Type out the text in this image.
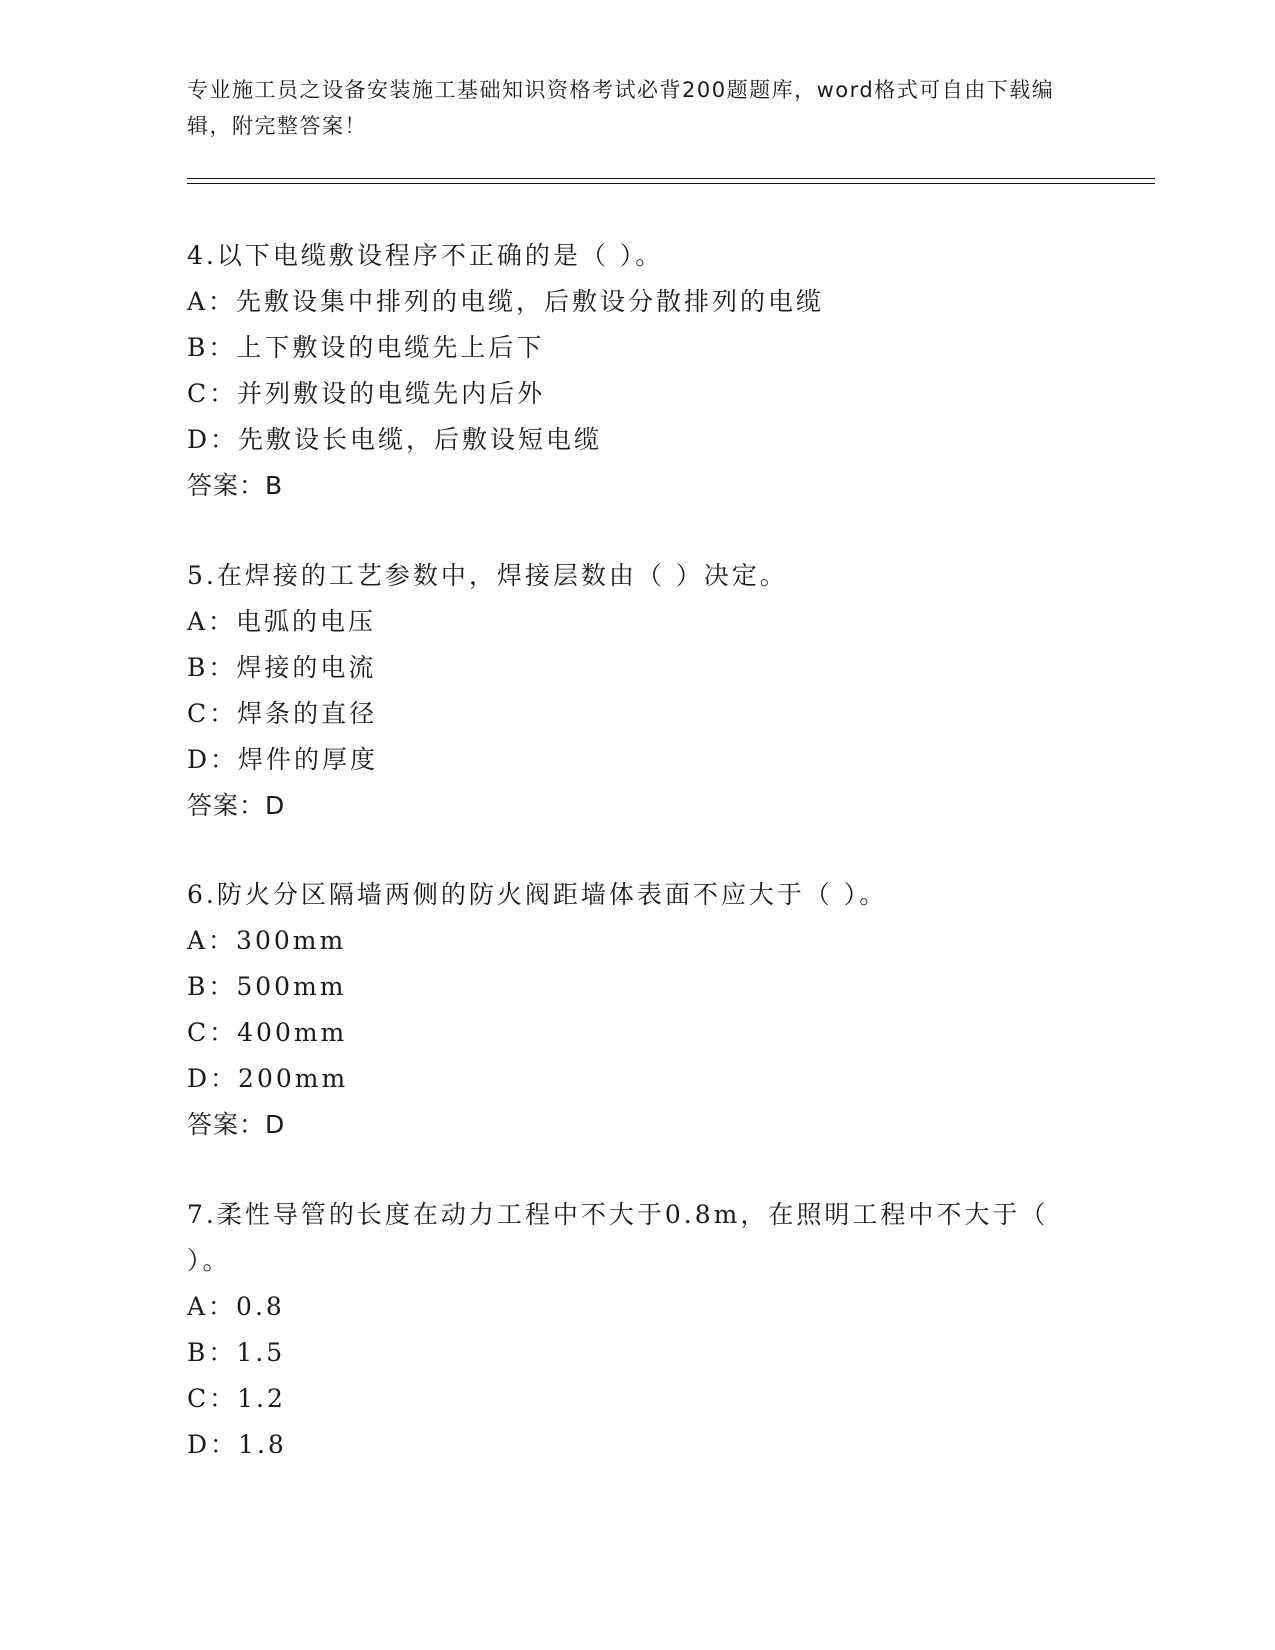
专业施工员之设备安装施工基础知识资格考试必背200题题库，word格式可自由下载编辑，附完整答案！
4.以下电缆敷设程序不正确的是（ ）。
A：先敷设集中排列的电缆，后敷设分散排列的电缆
B：上下敷设的电缆先上后下
C：并列敷设的电缆先内后外
D：先敷设长电缆，后敷设短电缆
答案：B
5.在焊接的工艺参数中，焊接层数由（ ）决定。
A：电弧的电压
B：焊接的电流
C：焊条的直径
D：焊件的厚度
答案：D
6.防火分区隔墙两侧的防火阀距墙体表面不应大于（ ）。
A：300mm
B：500mm
C：400mm
D：200mm
答案：D
7.柔性导管的长度在动力工程中不大于0.8m，在照明工程中不大于（ ）。
A：0.8
B：1.5
C：1.2
D：1.8
